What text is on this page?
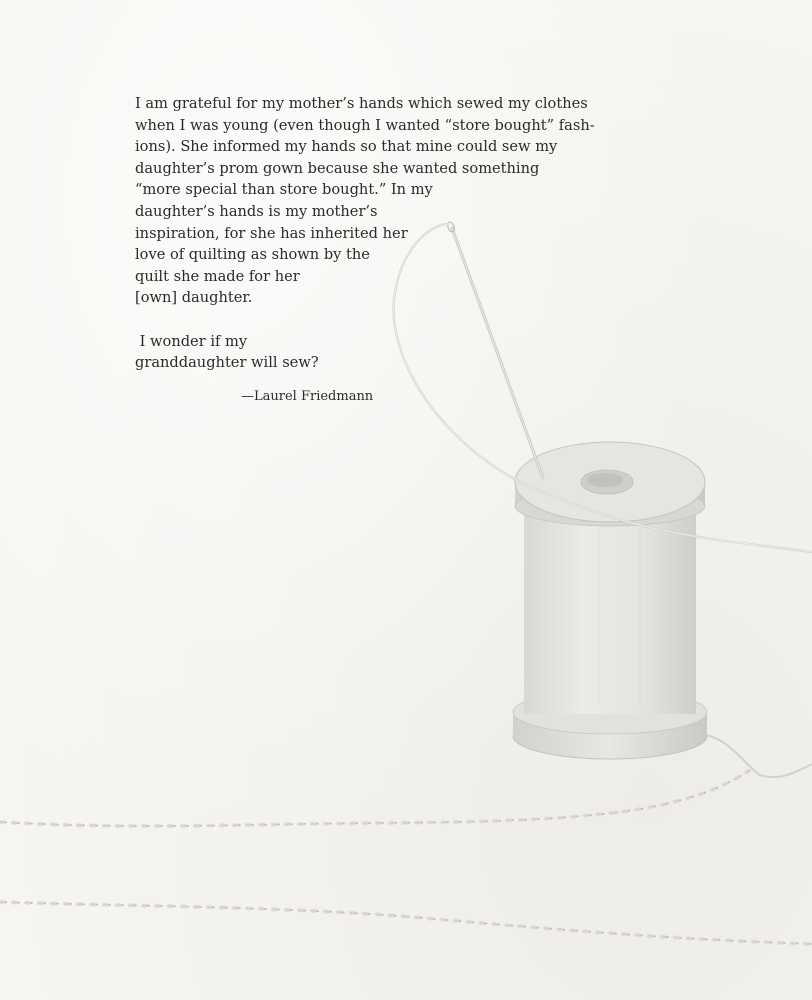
I am grateful for my mother’s hands which sewed my clothes
when I was young (even though I wanted “store bought” fash-
ions). She informed my hands so that mine could sew my
daughter’s prom gown because she wanted something
“more special than store bought.” In my
daughter’s hands is my mother’s
inspiration, for she has inherited her
love of quilting as shown by the
quilt she made for her
[own] daughter.
I wonder if my
granddaughter will sew?
—Laurel Friedmann
